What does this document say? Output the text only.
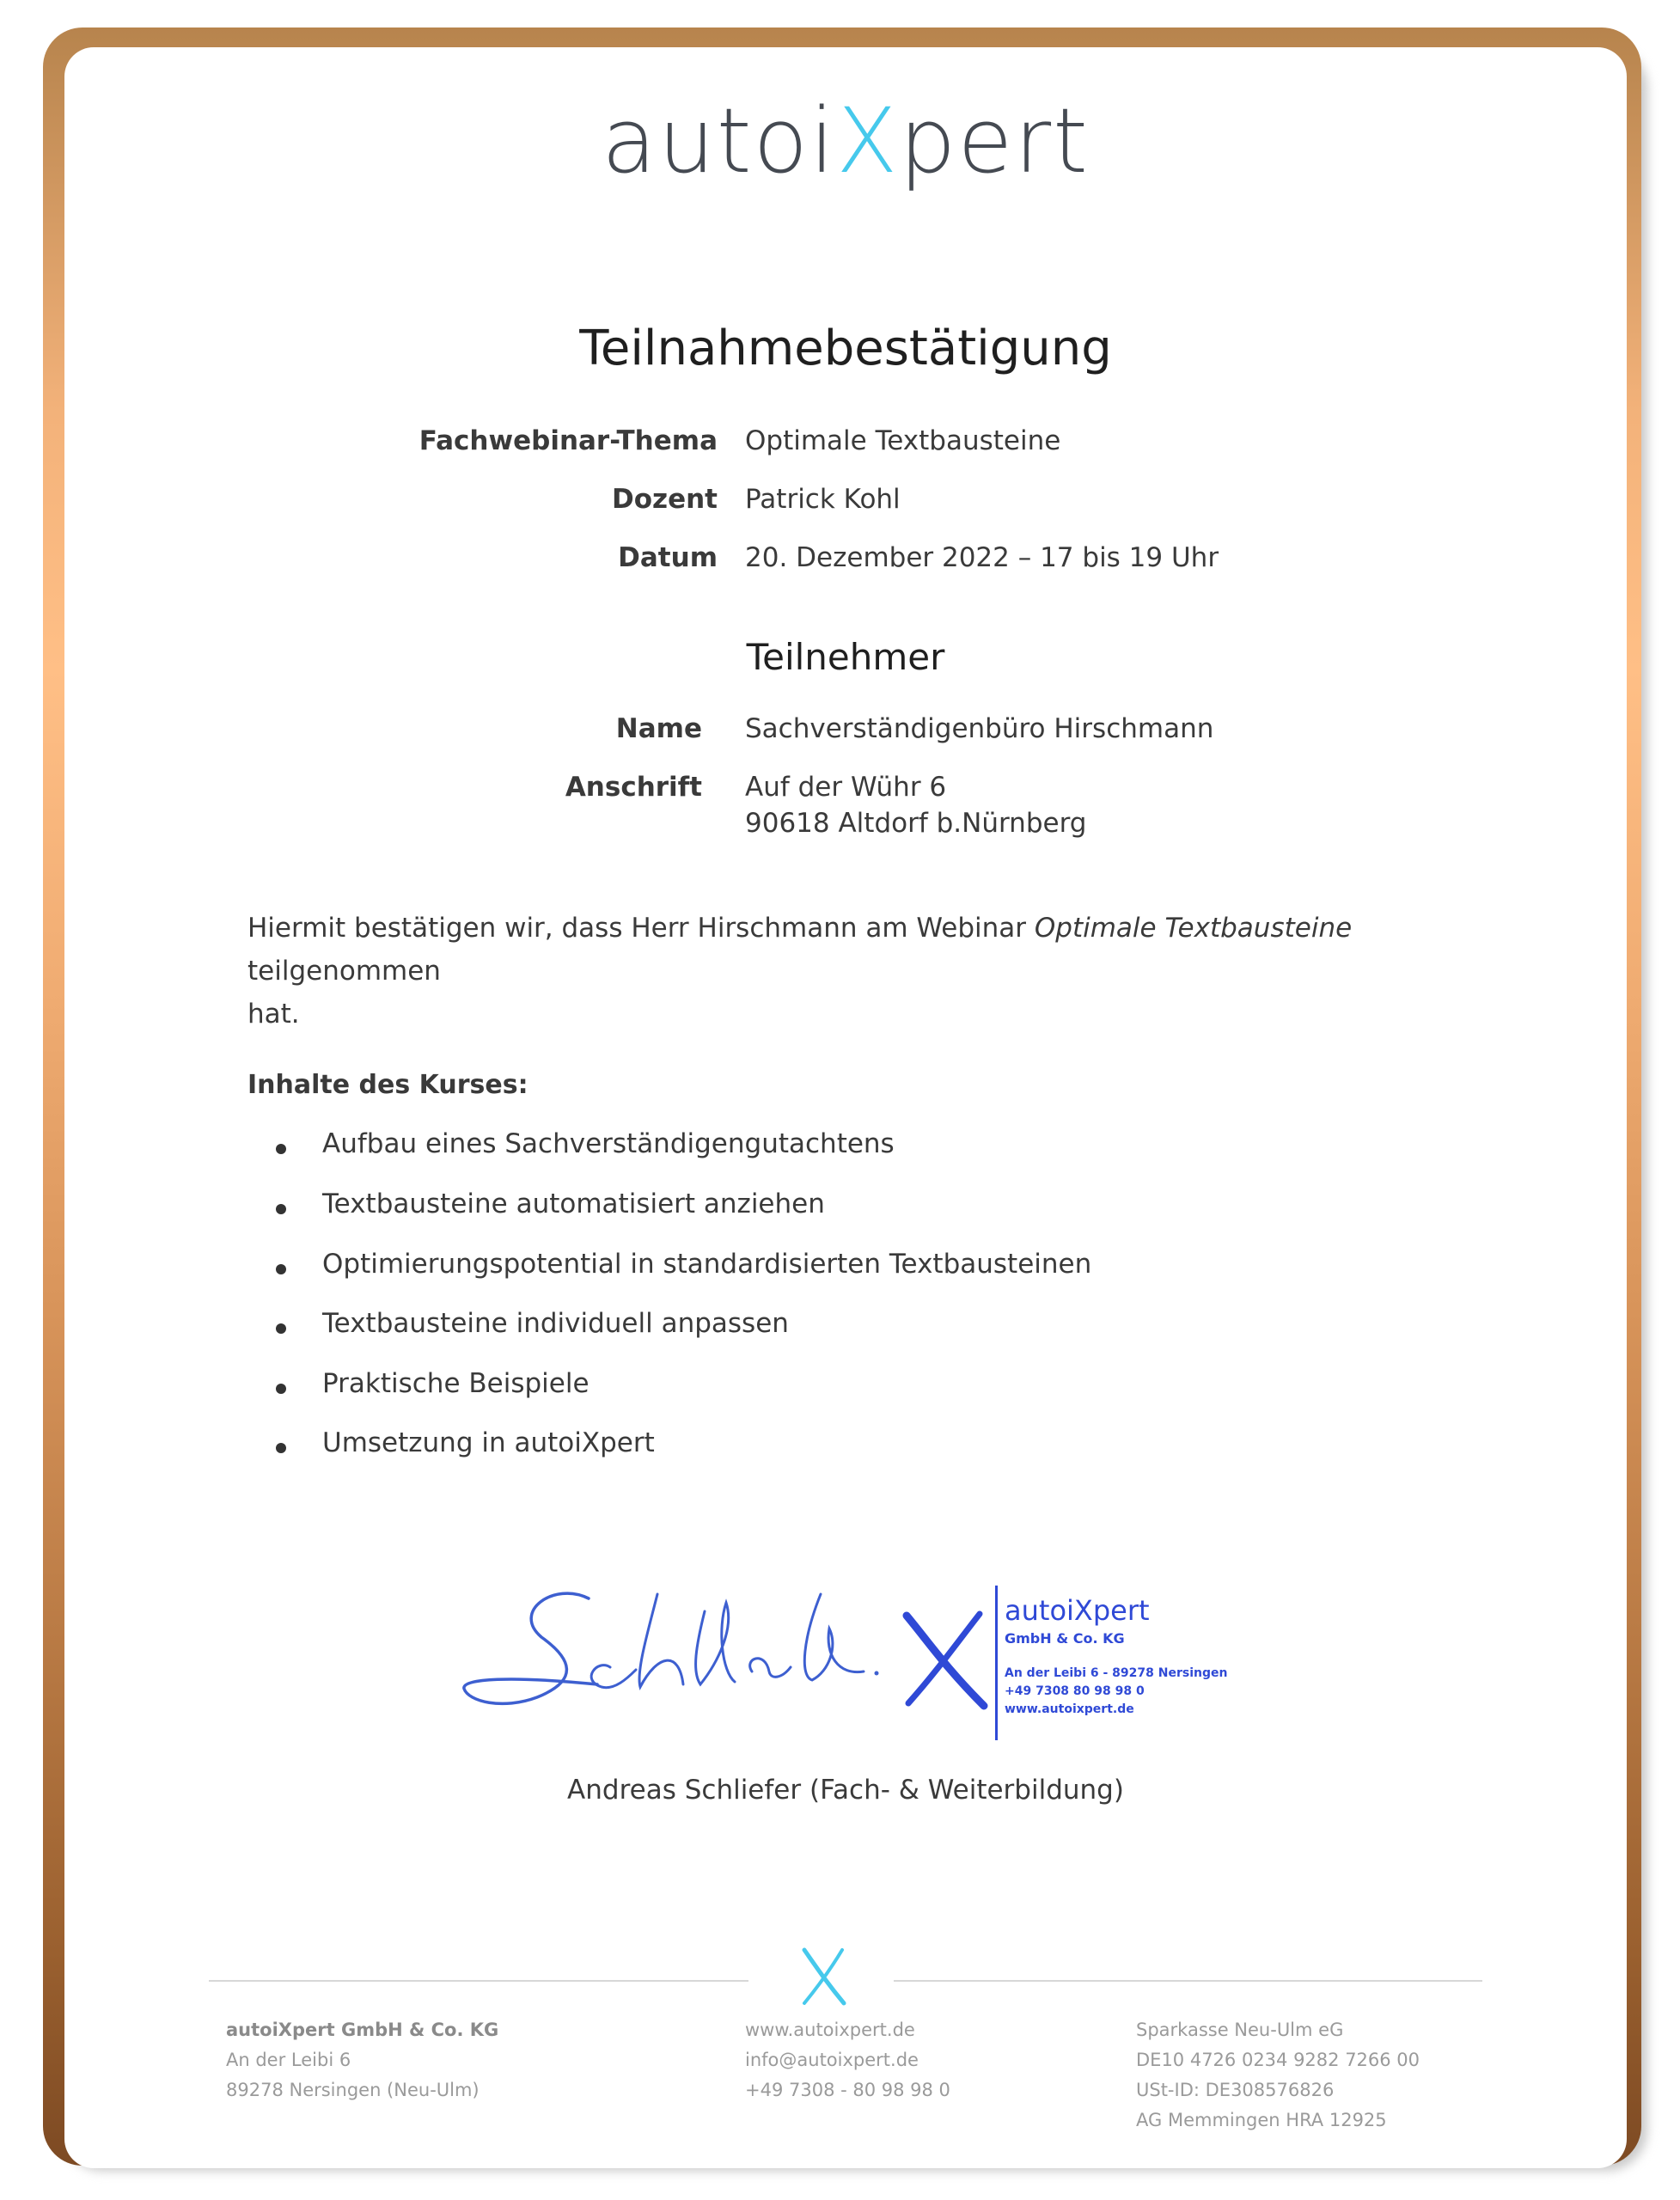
autoiXpert
Teilnahmebestätigung
Fachwebinar-Thema Optimale Textbausteine
Dozent Patrick Kohl
Datum 20. Dezember 2022 – 17 bis 19 Uhr
Teilnehmer
Name Sachverständigenbüro Hirschmann
Anschrift Auf der Wühr 6
90618 Altdorf b.Nürnberg
Hiermit bestätigen wir, dass Herr Hirschmann am Webinar Optimale Textbausteine teilgenommen
hat.
Inhalte des Kurses:
Aufbau eines Sachverständigengutachtens
Textbausteine automatisiert anziehen
Optimierungspotential in standardisierten Textbausteinen
Textbausteine individuell anpassen
Praktische Beispiele
Umsetzung in autoiXpert
autoiXpert
GmbH & Co. KG
An der Leibi 6 - 89278 Nersingen
+49 7308 80 98 98 0
www.autoixpert.de
Andreas Schliefer (Fach- & Weiterbildung)
autoiXpert GmbH & Co. KG
An der Leibi 6
89278 Nersingen (Neu-Ulm)
www.autoixpert.de
info@autoixpert.de
+49 7308 - 80 98 98 0
Sparkasse Neu-Ulm eG
DE10 4726 0234 9282 7266 00
USt-ID: DE308576826
AG Memmingen HRA 12925
